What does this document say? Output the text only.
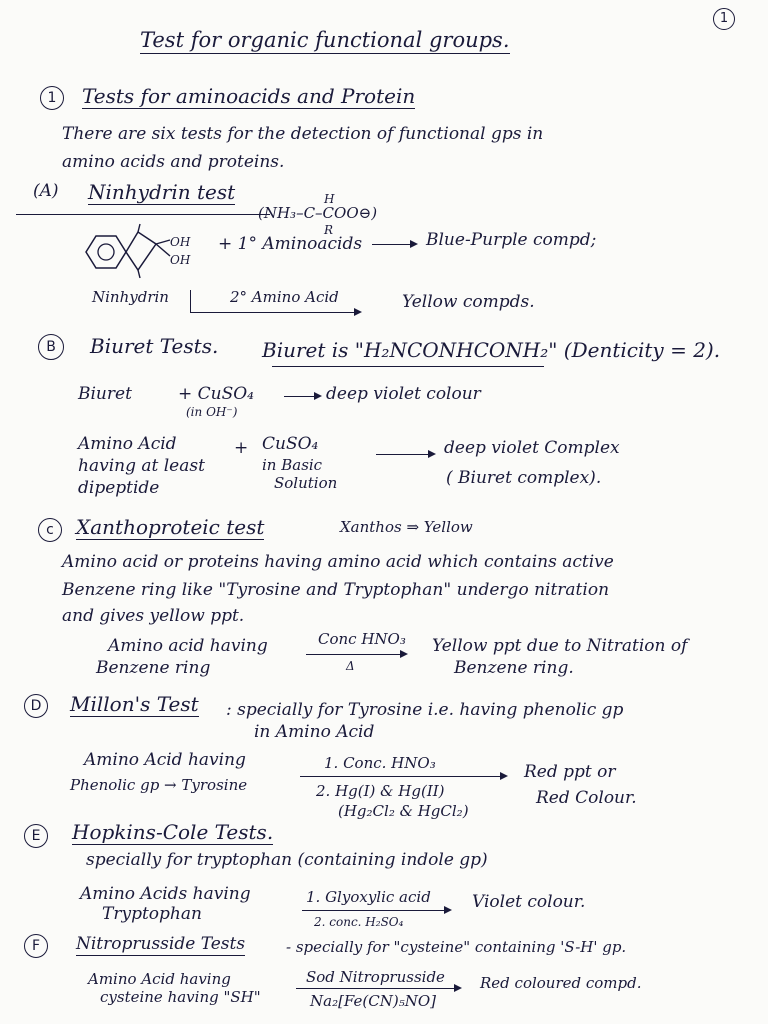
1
Test for organic functional groups.
1	Tests for aminoacids and Protein
There are six tests for the detection of functional gps in
amino acids and proteins.
(A) Ninhydrin test	H
(NH₃–C–COO⊖)
R
OH
OH
+ 1° Aminoacids → Blue-Purple compd;
Ninhydrin	2° Amino Acid	Yellow compds.
B	Biuret Tests. Biuret is "H₂NCONHCONH₂" (Denticity = 2).
Biuret	+ CuSO₄
(in OH⁻)
→ deep violet colour
Amino Acid
having at least
dipeptide
+ CuSO₄
in Basic
Solution
→ deep violet Complex
( Biuret complex).
c	Xanthoproteic test	Xanthos ⇒ Yellow
Amino acid or proteins having amino acid which contains active
Benzene ring like "Tyrosine and Tryptophan" undergo nitration
and gives yellow ppt.
Amino acid having
Benzene ring
Conc HNO₃
Δ
Yellow ppt due to Nitration of
Benzene ring.
D	Millon's Test : specially for Tyrosine i.e. having phenolic gp
in Amino Acid
Amino Acid having
Phenolic gp → Tyrosine
1. Conc. HNO₃
2. Hg(I) & Hg(II)
(Hg₂Cl₂ & HgCl₂)
Red ppt or
Red Colour.
E	Hopkins-Cole Tests.
specially for tryptophan (containing indole gp)
Amino Acids having
Tryptophan
1. Glyoxylic acid
2. conc. H₂SO₄
Violet colour.
F	Nitroprusside Tests	- specially for "cysteine" containing 'S-H' gp.
Amino Acid having
cysteine having "SH"
Sod Nitroprusside
Na₂[Fe(CN)₅NO]
Red coloured compd.
